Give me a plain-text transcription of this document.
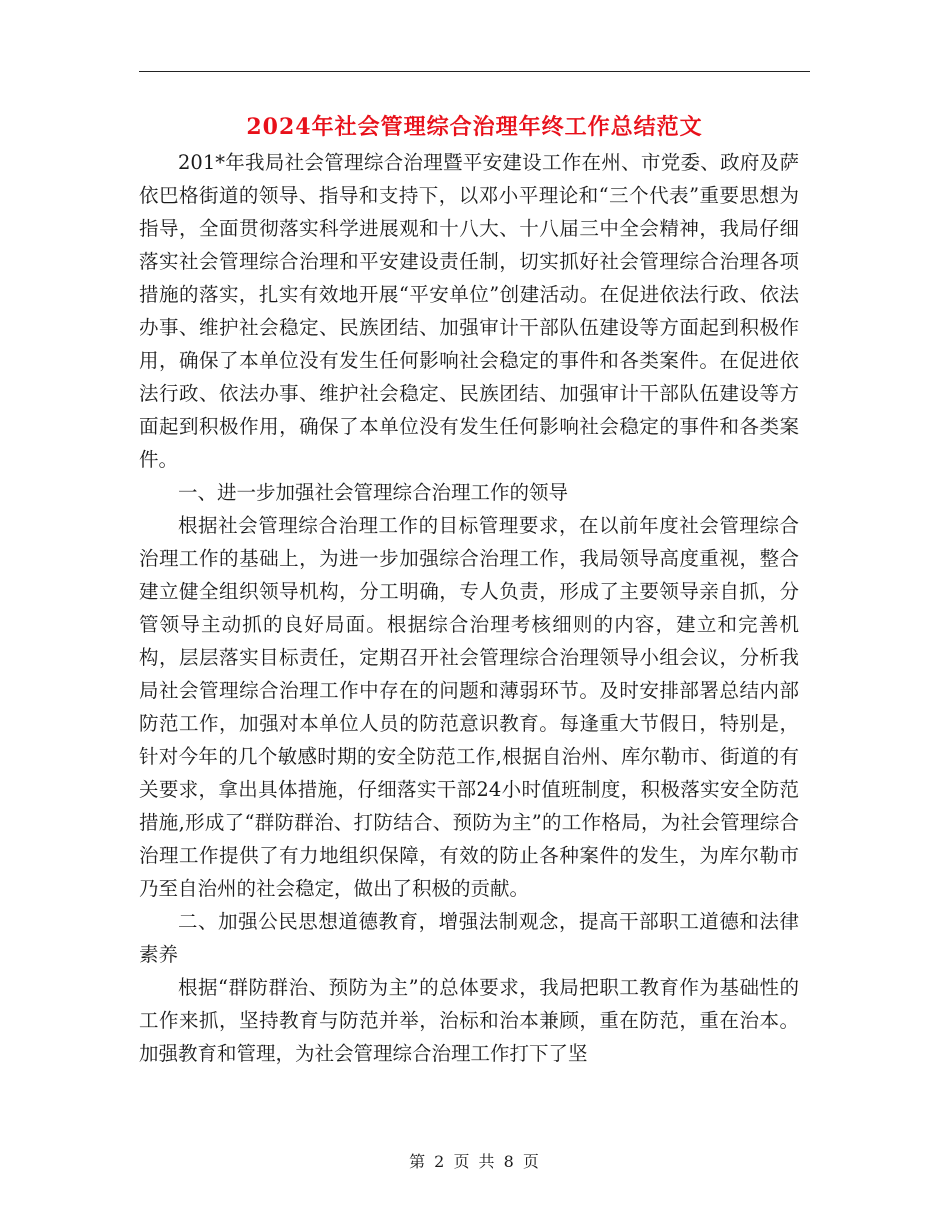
2024年社会管理综合治理年终工作总结范文

201*年我局社会管理综合治理暨平安建设工作在州、市党委、政府及萨依巴格街道的领导、指导和支持下，以邓小平理论和“三个代表”重要思想为指导，全面贯彻落实科学进展观和十八大、十八届三中全会精神，我局仔细落实社会管理综合治理和平安建设责任制，切实抓好社会管理综合治理各项措施的落实，扎实有效地开展“平安单位”创建活动。在促进依法行政、依法办事、维护社会稳定、民族团结、加强审计干部队伍建设等方面起到积极作用，确保了本单位没有发生任何影响社会稳定的事件和各类案件。在促进依法行政、依法办事、维护社会稳定、民族团结、加强审计干部队伍建设等方面起到积极作用，确保了本单位没有发生任何影响社会稳定的事件和各类案件。

一、进一步加强社会管理综合治理工作的领导

根据社会管理综合治理工作的目标管理要求，在以前年度社会管理综合治理工作的基础上，为进一步加强综合治理工作，我局领导高度重视，整合建立健全组织领导机构，分工明确，专人负责，形成了主要领导亲自抓，分管领导主动抓的良好局面。根据综合治理考核细则的内容，建立和完善机构，层层落实目标责任，定期召开社会管理综合治理领导小组会议，分析我局社会管理综合治理工作中存在的问题和薄弱环节。及时安排部署总结内部防范工作，加强对本单位人员的防范意识教育。每逢重大节假日，特别是，针对今年的几个敏感时期的安全防范工作,根据自治州、库尔勒市、街道的有关要求，拿出具体措施，仔细落实干部24小时值班制度，积极落实安全防范措施,形成了“群防群治、打防结合、预防为主”的工作格局，为社会管理综合治理工作提供了有力地组织保障，有效的防止各种案件的发生，为库尔勒市乃至自治州的社会稳定，做出了积极的贡献。

二、加强公民思想道德教育，增强法制观念，提高干部职工道德和法律素养

根据“群防群治、预防为主”的总体要求，我局把职工教育作为基础性的工作来抓，坚持教育与防范并举，治标和治本兼顾，重在防范，重在治本。加强教育和管理，为社会管理综合治理工作打下了坚

第 2 页 共 8 页
